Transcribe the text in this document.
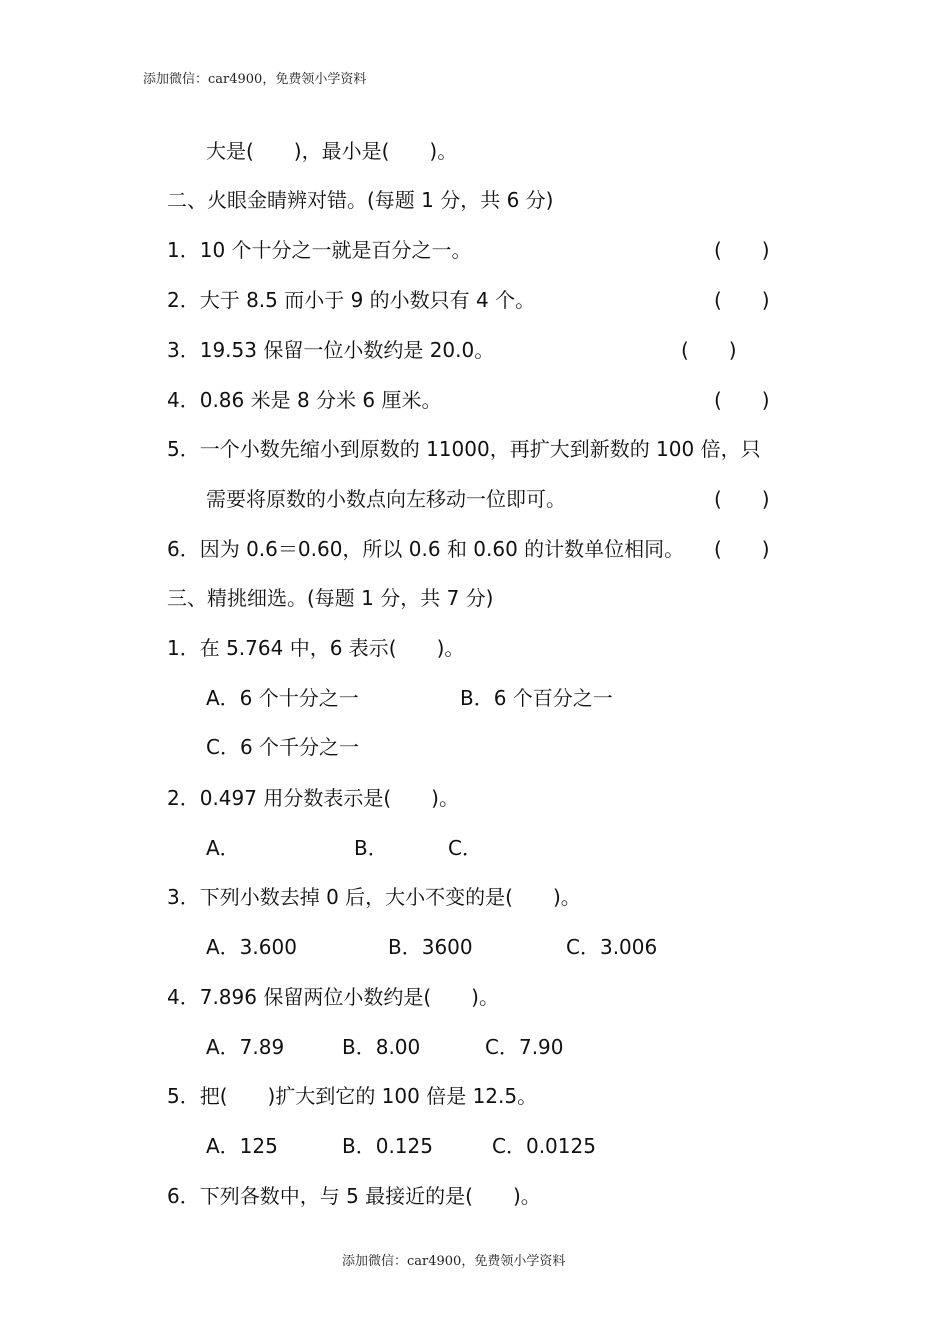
添加微信：car4900，免费领小学资料
大是(　　)，最小是(　　)。
二、火眼金睛辨对错。(每题 1 分，共 6 分)
1．10 个十分之一就是百分之一。	(　　)
2．大于 8.5 而小于 9 的小数只有 4 个。	(　　)
3．19.53 保留一位小数约是 20.0。	(　　)
4．0.86 米是 8 分米 6 厘米。	(　　)
5．一个小数先缩小到原数的 11000，再扩大到新数的 100 倍，只
需要将原数的小数点向左移动一位即可。	(　　)
6．因为 0.6＝0.60，所以 0.6 和 0.60 的计数单位相同。 (　　)
三、精挑细选。(每题 1 分，共 7 分)
1．在 5.764 中，6 表示(　　)。
A．6 个十分之一	B．6 个百分之一
C．6 个千分之一
2．0.497 用分数表示是(　　)。
A．	B．	C．
3．下列小数去掉 0 后，大小不变的是(　　)。
A．3.600	B．3600	C．3.006
4．7.896 保留两位小数约是(　　)。
A．7.89	B．8.00	C．7.90
5．把(　　)扩大到它的 100 倍是 12.5。
A．125	B．0.125	C．0.0125
6．下列各数中，与 5 最接近的是(　　)。
添加微信：car4900，免费领小学资料
